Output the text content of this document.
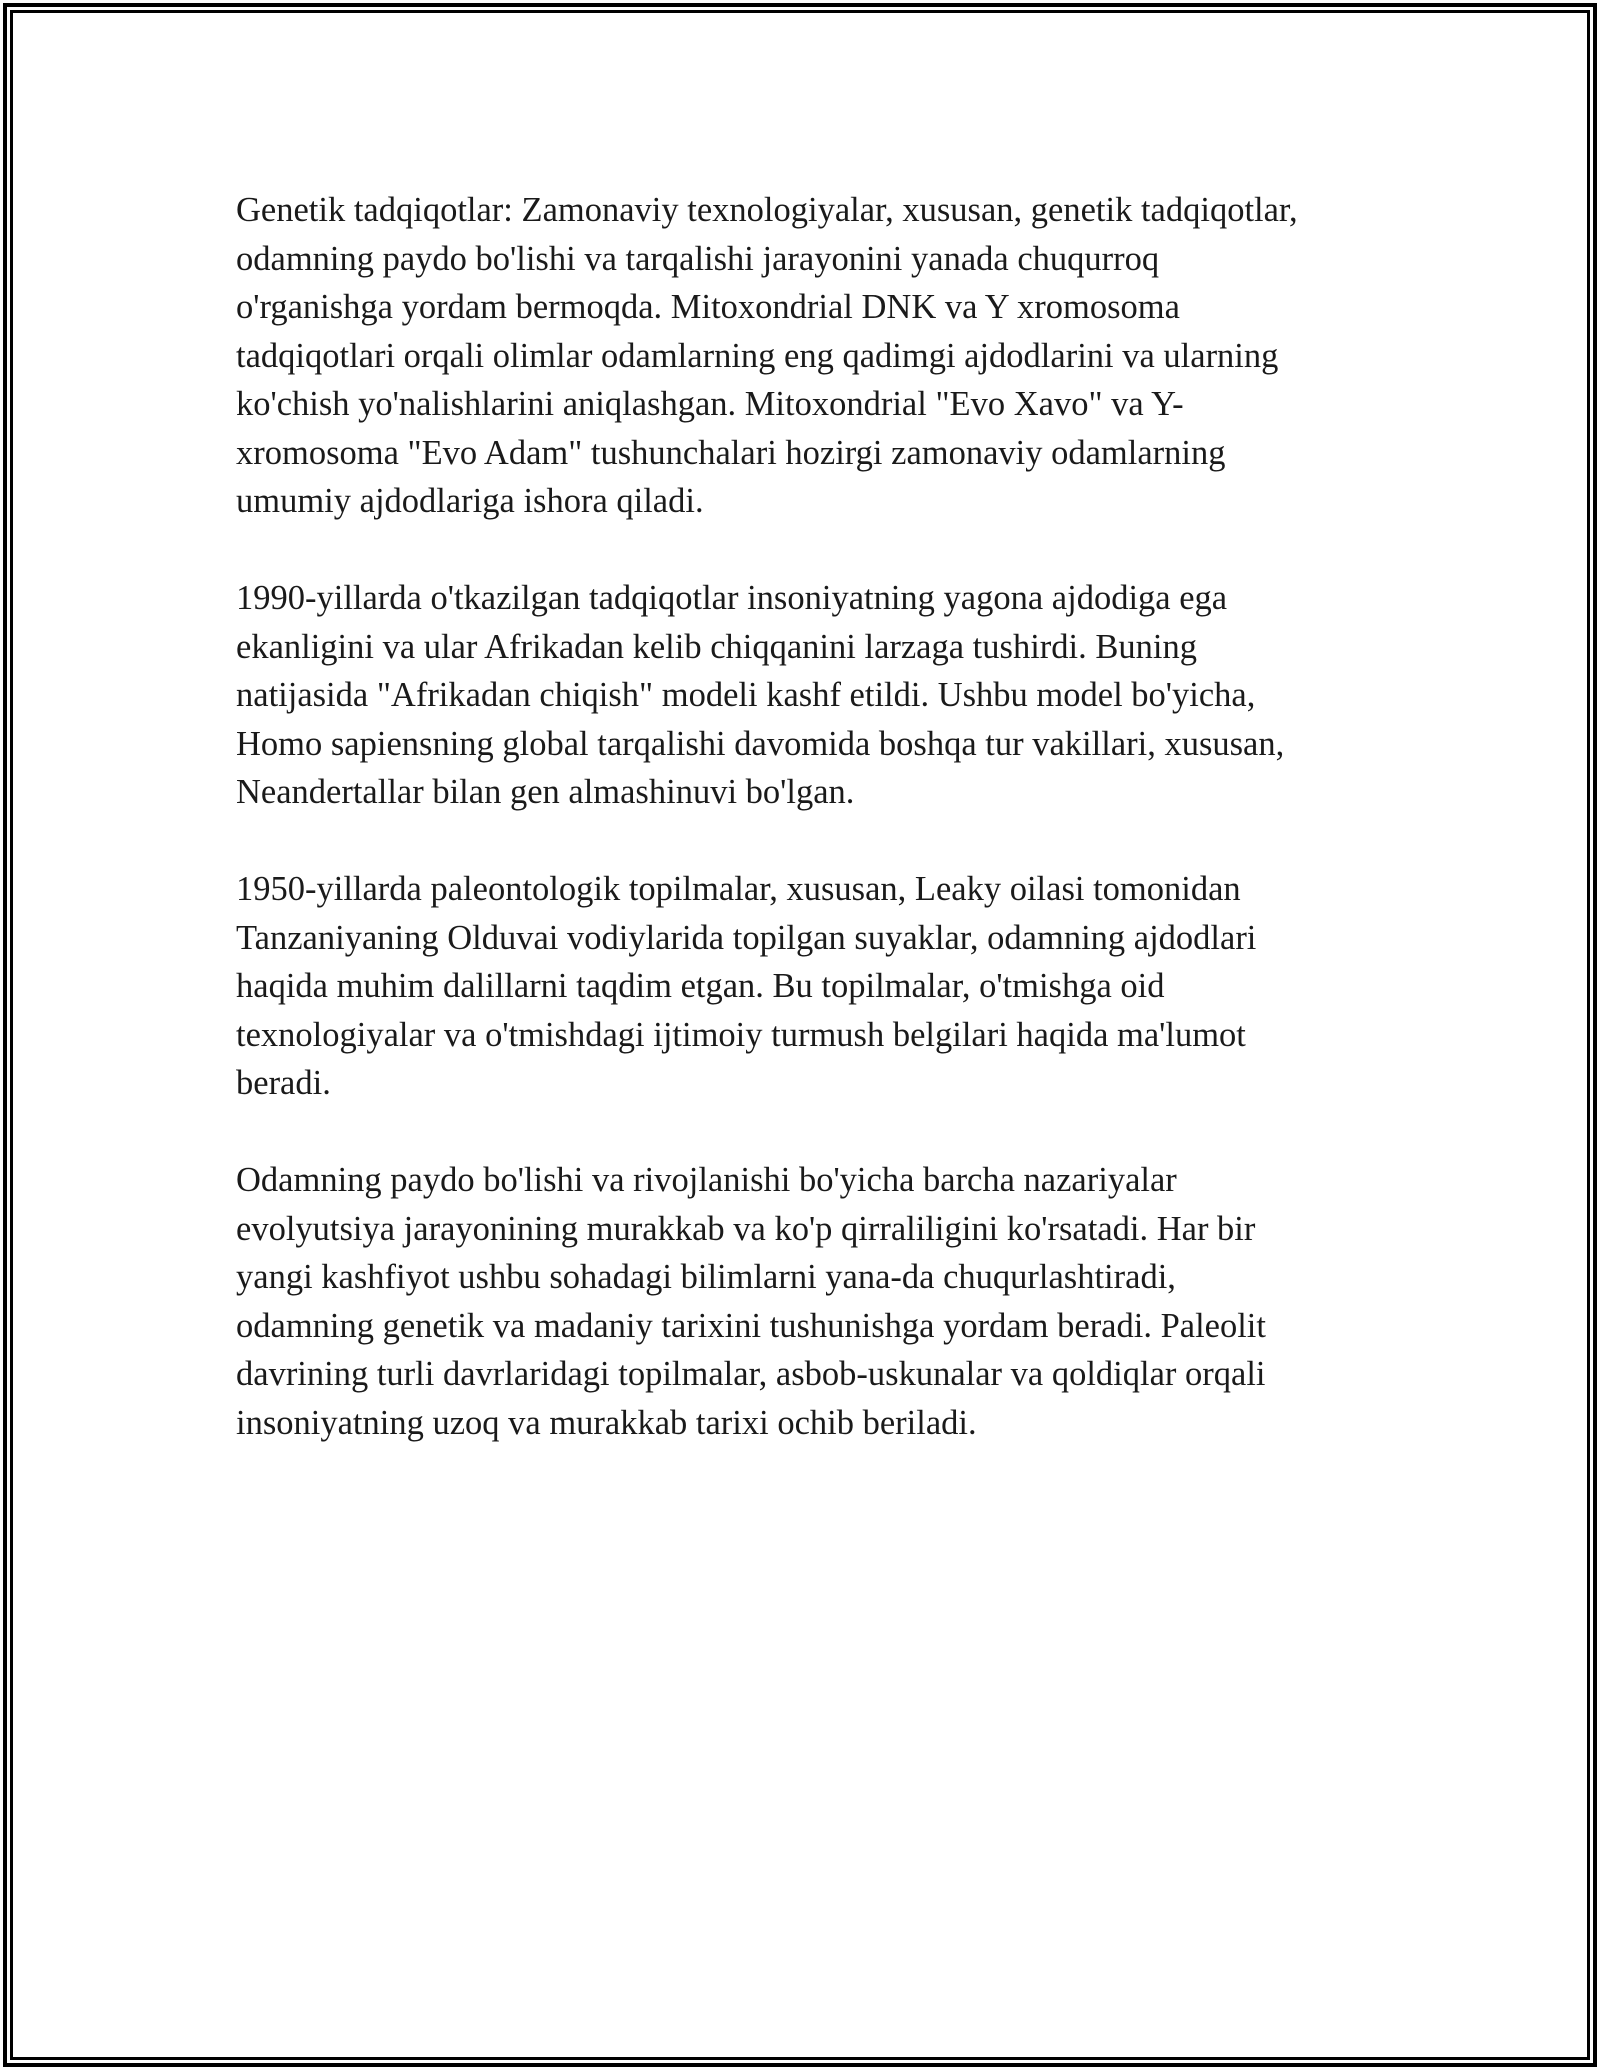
Genetik tadqiqotlar: Zamonaviy texnologiyalar, xususan, genetik tadqiqotlar,
odamning paydo bo'lishi va tarqalishi jarayonini yanada chuqurroq
o'rganishga yordam bermoqda. Mitoxondrial DNK va Y xromosoma
tadqiqotlari orqali olimlar odamlarning eng qadimgi ajdodlarini va ularning
ko'chish yo'nalishlarini aniqlashgan. Mitoxondrial "Evo Xavo" va Y-
xromosoma "Evo Adam" tushunchalari hozirgi zamonaviy odamlarning
umumiy ajdodlariga ishora qiladi.

1990-yillarda o'tkazilgan tadqiqotlar insoniyatning yagona ajdodiga ega
ekanligini va ular Afrikadan kelib chiqqanini larzaga tushirdi. Buning
natijasida "Afrikadan chiqish" modeli kashf etildi. Ushbu model bo'yicha,
Homo sapiensning global tarqalishi davomida boshqa tur vakillari, xususan,
Neandertallar bilan gen almashinuvi bo'lgan.

1950-yillarda paleontologik topilmalar, xususan, Leaky oilasi tomonidan
Tanzaniyaning Olduvai vodiylarida topilgan suyaklar, odamning ajdodlari
haqida muhim dalillarni taqdim etgan. Bu topilmalar, o'tmishga oid
texnologiyalar va o'tmishdagi ijtimoiy turmush belgilari haqida ma'lumot
beradi.

Odamning paydo bo'lishi va rivojlanishi bo'yicha barcha nazariyalar
evolyutsiya jarayonining murakkab va ko'p qirraliligini ko'rsatadi. Har bir
yangi kashfiyot ushbu sohadagi bilimlarni yana-da chuqurlashtiradi,
odamning genetik va madaniy tarixini tushunishga yordam beradi. Paleolit
davrining turli davrlaridagi topilmalar, asbob-uskunalar va qoldiqlar orqali
insoniyatning uzoq va murakkab tarixi ochib beriladi.
